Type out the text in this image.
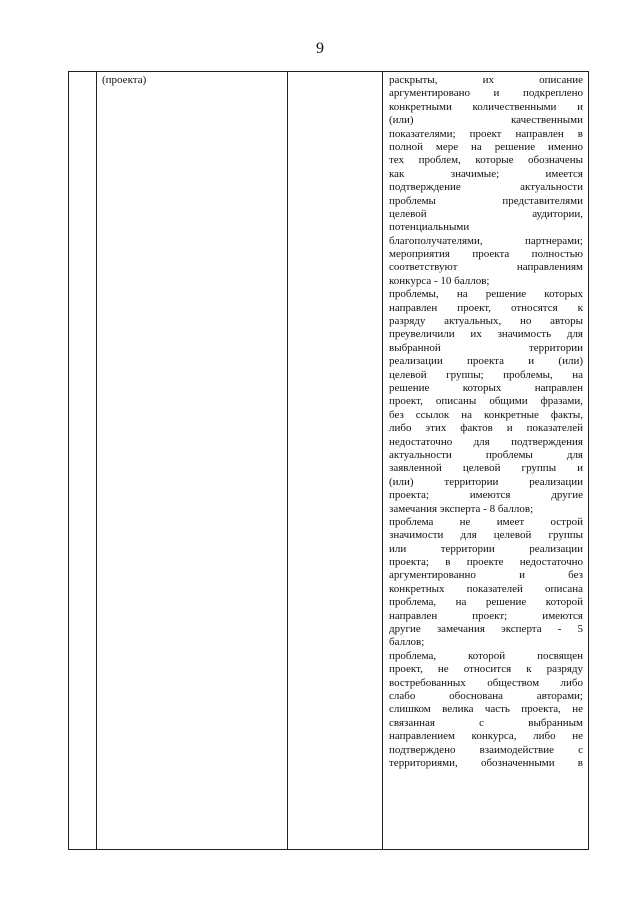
9
(проекта)	раскрыты, их описание
аргументировано и подкреплено
конкретными количественными и
(или) качественными
показателями; проект направлен в
полной мере на решение именно
тех проблем, которые обозначены
как значимые; имеется
подтверждение актуальности
проблемы представителями
целевой аудитории,
потенциальными
благополучателями, партнерами;
мероприятия проекта полностью
соответствуют направлениям
конкурса - 10 баллов;
проблемы, на решение которых
направлен проект, относятся к
разряду актуальных, но авторы
преувеличили их значимость для
выбранной территории
реализации проекта и (или)
целевой группы; проблемы, на
решение которых направлен
проект, описаны общими фразами,
без ссылок на конкретные факты,
либо этих фактов и показателей
недостаточно для подтверждения
актуальности проблемы для
заявленной целевой группы и
(или) территории реализации
проекта; имеются другие
замечания эксперта - 8 баллов;
проблема не имеет острой
значимости для целевой группы
или территории реализации
проекта; в проекте недостаточно
аргументированно и без
конкретных показателей описана
проблема, на решение которой
направлен проект; имеются
другие замечания эксперта - 5
баллов;
проблема, которой посвящен
проект, не относится к разряду
востребованных обществом либо
слабо обоснована авторами;
слишком велика часть проекта, не
связанная с выбранным
направлением конкурса, либо не
подтверждено взаимодействие с
территориями, обозначенными в
